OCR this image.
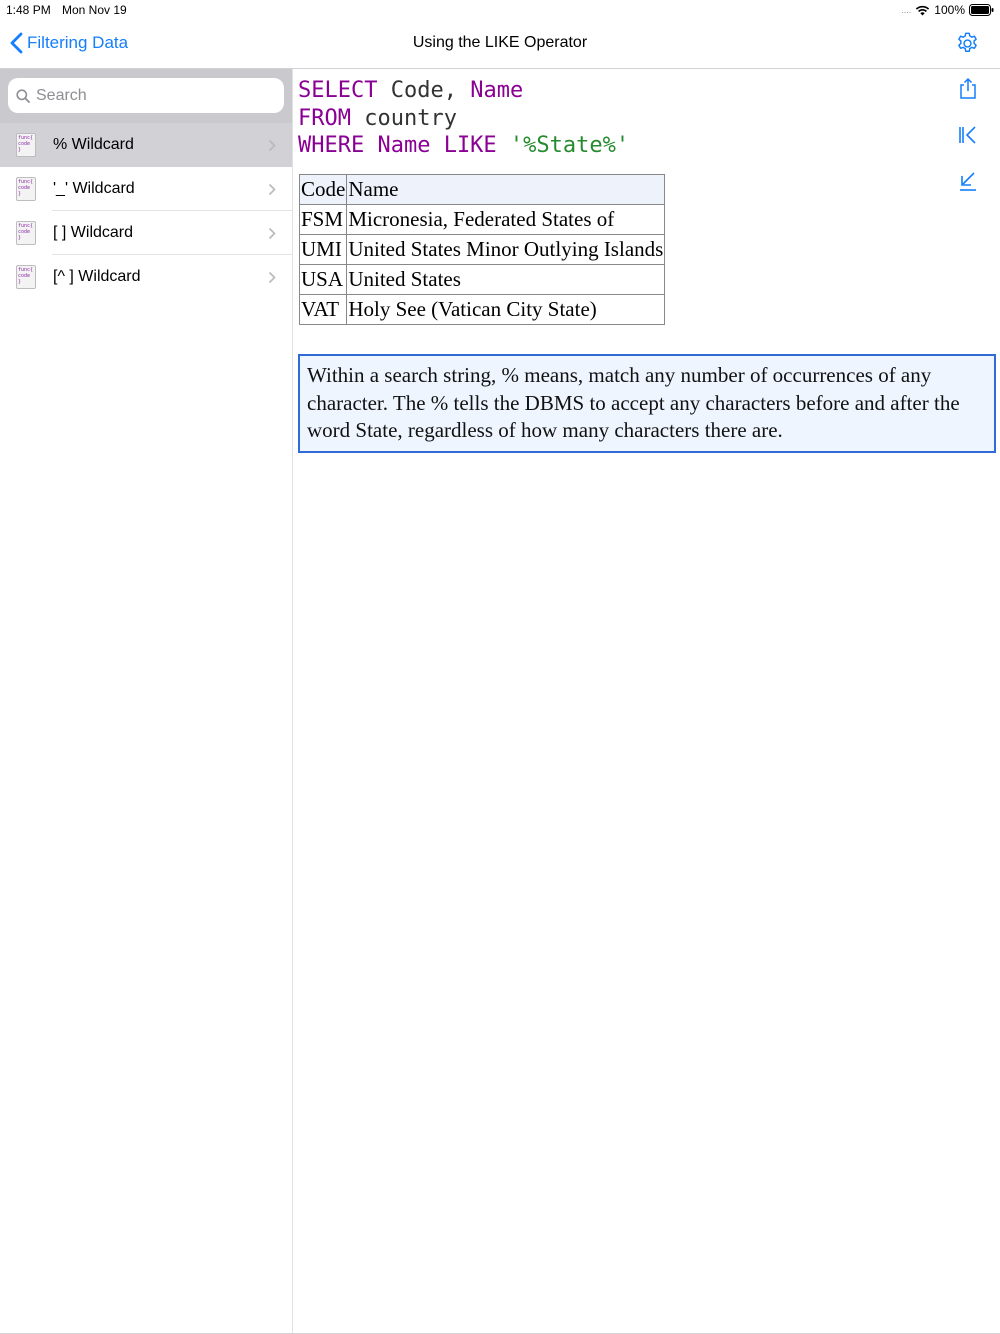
1:48 PM Mon Nov 19	.... 100%
Filtering Data	Using the LIKE Operator
Search
func{ code }	% Wildcard
func{ code }	'_' Wildcard
func{ code }	[ ] Wildcard
func{ code }	[^ ] Wildcard
SELECT Code, Name
FROM country
WHERE Name LIKE '%State%'
Code	Name
FSM	Micronesia, Federated States of
UMI	United States Minor Outlying Islands
USA	United States
VAT	Holy See (Vatican City State)
Within a search string, % means, match any number of occurrences of any character. The % tells the DBMS to accept any characters before and after the word State, regardless of how many characters there are.
